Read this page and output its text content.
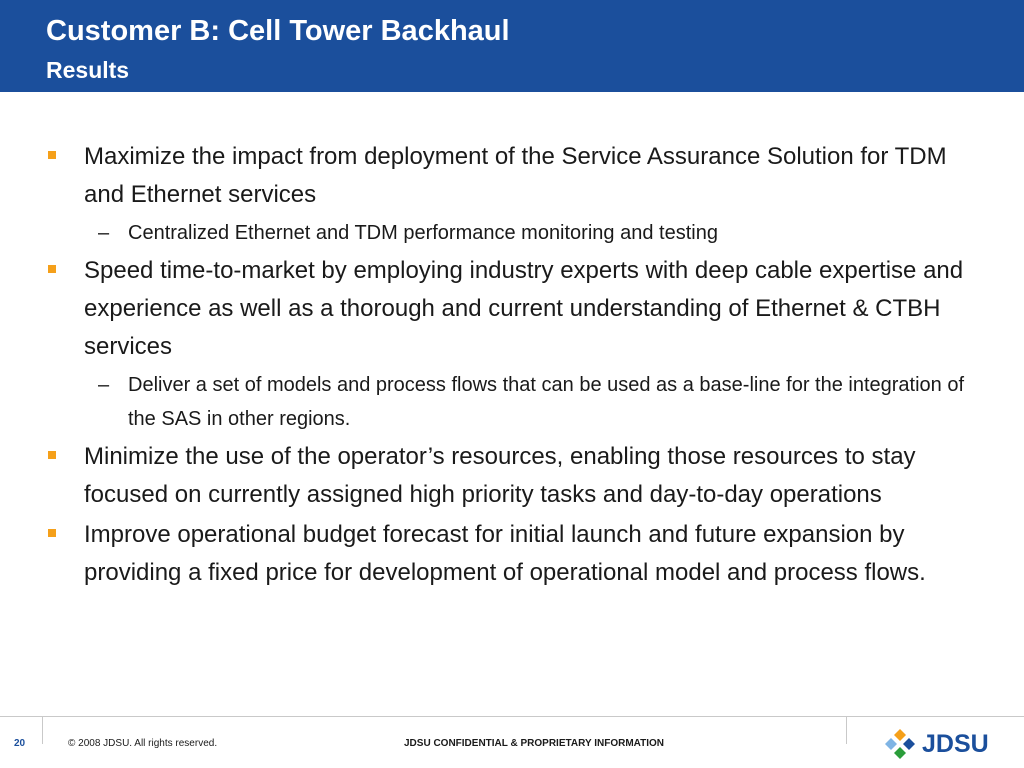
Customer B: Cell Tower Backhaul
Results
Maximize the impact from deployment of the Service Assurance Solution for TDM and Ethernet services
– Centralized Ethernet and TDM performance monitoring and testing
Speed time-to-market by employing industry experts with deep cable expertise and experience as well as a thorough and current understanding of Ethernet & CTBH services
– Deliver a set of models and process flows that can be used as a base-line for the integration of the SAS in other regions.
Minimize the use of the operator’s resources, enabling those resources to stay focused on currently assigned high priority tasks and day-to-day operations
Improve operational budget forecast for initial launch and future expansion by providing a fixed price for development of operational model and process flows.
20	© 2008 JDSU. All rights reserved.	JDSU CONFIDENTIAL & PROPRIETARY INFORMATION	JDSU
